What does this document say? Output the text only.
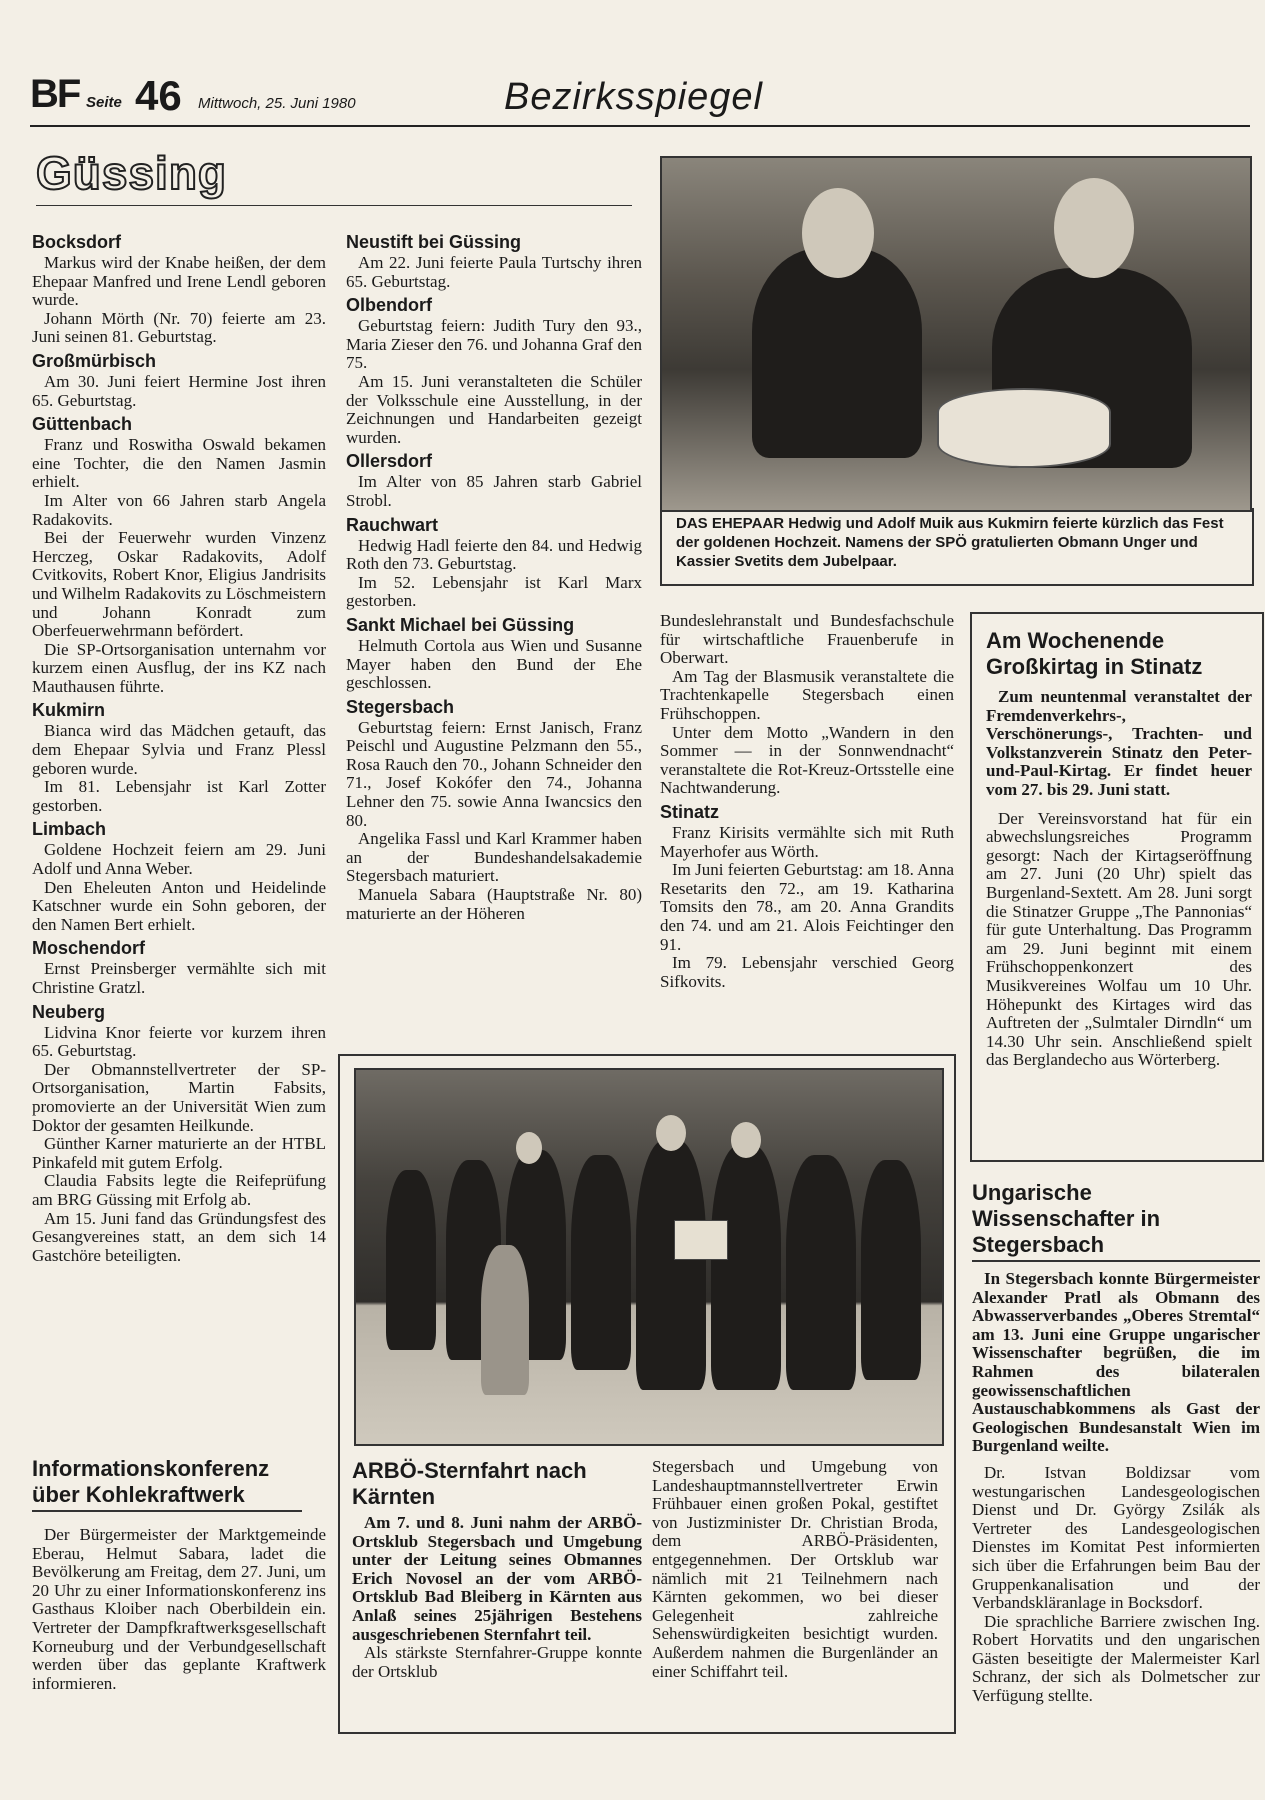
BF Seite 46 Mittwoch, 25. Juni 1980	Bezirksspiegel
Güssing
Bocksdorf

Markus wird der Knabe heißen, der dem Ehepaar Manfred und Irene Lendl geboren wurde.

Johann Mörth (Nr. 70) feierte am 23. Juni seinen 81. Geburtstag.

Großmürbisch

Am 30. Juni feiert Hermine Jost ihren 65. Geburtstag.

Güttenbach

Franz und Roswitha Oswald bekamen eine Tochter, die den Namen Jasmin erhielt.

Im Alter von 66 Jahren starb Angela Radakovits.

Bei der Feuerwehr wurden Vinzenz Herczeg, Oskar Radakovits, Adolf Cvitkovits, Robert Knor, Eligius Jandrisits und Wilhelm Radakovits zu Löschmeistern und Johann Konradt zum Oberfeuerwehrmann befördert.

Die SP-Ortsorganisation unternahm vor kurzem einen Ausflug, der ins KZ nach Mauthausen führte.

Kukmirn

Bianca wird das Mädchen getauft, das dem Ehepaar Sylvia und Franz Plessl geboren wurde.

Im 81. Lebensjahr ist Karl Zotter gestorben.

Limbach

Goldene Hochzeit feiern am 29. Juni Adolf und Anna Weber.

Den Eheleuten Anton und Heidelinde Katschner wurde ein Sohn geboren, der den Namen Bert erhielt.

Moschendorf

Ernst Preinsberger vermählte sich mit Christine Gratzl.

Neuberg

Lidvina Knor feierte vor kurzem ihren 65. Geburtstag.

Der Obmannstellvertreter der SP-Ortsorganisation, Martin Fabsits, promovierte an der Universität Wien zum Doktor der gesamten Heilkunde.

Günther Karner maturierte an der HTBL Pinkafeld mit gutem Erfolg.

Claudia Fabsits legte die Reifeprüfung am BRG Güssing mit Erfolg ab.

Am 15. Juni fand das Gründungsfest des Gesangvereines statt, an dem sich 14 Gastchöre beteiligten.

Neustift bei Güssing

Am 22. Juni feierte Paula Turtschy ihren 65. Geburtstag.

Olbendorf

Geburtstag feiern: Judith Tury den 93., Maria Zieser den 76. und Johanna Graf den 75.

Am 15. Juni veranstalteten die Schüler der Volksschule eine Ausstellung, in der Zeichnungen und Handarbeiten gezeigt wurden.

Ollersdorf

Im Alter von 85 Jahren starb Gabriel Strobl.

Rauchwart

Hedwig Hadl feierte den 84. und Hedwig Roth den 73. Geburtstag.

Im 52. Lebensjahr ist Karl Marx gestorben.

Sankt Michael bei Güssing

Helmuth Cortola aus Wien und Susanne Mayer haben den Bund der Ehe geschlossen.

Stegersbach

Geburtstag feiern: Ernst Janisch, Franz Peischl und Augustine Pelzmann den 55., Rosa Rauch den 70., Johann Schneider den 71., Josef Kokófer den 74., Johanna Lehner den 75. sowie Anna Iwancsics den 80.

Angelika Fassl und Karl Krammer haben an der Bundeshandelsakademie Stegersbach maturiert.

Manuela Sabara (Hauptstraße Nr. 80) maturierte an der Höheren

DAS EHEPAAR Hedwig und Adolf Muik aus Kukmirn feierte kürzlich das Fest der goldenen Hochzeit. Namens der SPÖ gratulierten Obmann Unger und Kassier Svetits dem Jubelpaar.

Bundeslehranstalt und Bundesfachschule für wirtschaftliche Frauenberufe in Oberwart.

Am Tag der Blasmusik veranstaltete die Trachtenkapelle Stegersbach einen Frühschoppen.

Unter dem Motto „Wandern in den Sommer — in der Sonnwendnacht“ veranstaltete die Rot-Kreuz-Ortsstelle eine Nachtwanderung.

Stinatz

Franz Kirisits vermählte sich mit Ruth Mayerhofer aus Wörth.

Im Juni feierten Geburtstag: am 18. Anna Resetarits den 72., am 19. Katharina Tomsits den 78., am 20. Anna Grandits den 74. und am 21. Alois Feichtinger den 91.

Im 79. Lebensjahr verschied Georg Sifkovits.

Am Wochenende Großkirtag in Stinatz

Zum neuntenmal veranstaltet der Fremdenverkehrs-, Verschönerungs-, Trachten- und Volkstanzverein Stinatz den Peter-und-Paul-Kirtag. Er findet heuer vom 27. bis 29. Juni statt.

Der Vereinsvorstand hat für ein abwechslungsreiches Programm gesorgt: Nach der Kirtagseröffnung am 27. Juni (20 Uhr) spielt das Burgenland-Sextett. Am 28. Juni sorgt die Stinatzer Gruppe „The Pannonias“ für gute Unterhaltung. Das Programm am 29. Juni beginnt mit einem Frühschoppenkonzert des Musikvereines Wolfau um 10 Uhr. Höhepunkt des Kirtages wird das Auftreten der „Sulmtaler Dirndln“ um 14.30 Uhr sein. Anschließend spielt das Berglandecho aus Wörterberg.

Ungarische Wissenschafter in Stegersbach

In Stegersbach konnte Bürgermeister Alexander Pratl als Obmann des Abwasserverbandes „Oberes Stremtal“ am 13. Juni eine Gruppe ungarischer Wissenschafter begrüßen, die im Rahmen des bilateralen geowissenschaftlichen Austauschabkommens als Gast der Geologischen Bundesanstalt Wien im Burgenland weilte.

Dr. Istvan Boldizsar vom westungarischen Landesgeologischen Dienst und Dr. György Zsilák als Vertreter des Landesgeologischen Dienstes im Komitat Pest informierten sich über die Erfahrungen beim Bau der Gruppenkanalisation und der Verbandskläranlage in Bocksdorf.

Die sprachliche Barriere zwischen Ing. Robert Horvatits und den ungarischen Gästen beseitigte der Malermeister Karl Schranz, der sich als Dolmetscher zur Verfügung stellte.

ARBÖ-Sternfahrt nach Kärnten

Am 7. und 8. Juni nahm der ARBÖ-Ortsklub Stegersbach und Umgebung unter der Leitung seines Obmannes Erich Novosel an der vom ARBÖ-Ortsklub Bad Bleiberg in Kärnten aus Anlaß seines 25jährigen Bestehens ausgeschriebenen Sternfahrt teil.

Als stärkste Sternfahrer-Gruppe konnte der Ortsklub

Stegersbach und Umgebung von Landeshauptmannstellvertreter Erwin Frühbauer einen großen Pokal, gestiftet von Justizminister Dr. Christian Broda, dem ARBÖ-Präsidenten, entgegennehmen. Der Ortsklub war nämlich mit 21 Teilnehmern nach Kärnten gekommen, wo bei dieser Gelegenheit zahlreiche Sehenswürdigkeiten besichtigt wurden. Außerdem nahmen die Burgenländer an einer Schiffahrt teil.

Informationskonferenz über Kohlekraftwerk

Der Bürgermeister der Marktgemeinde Eberau, Helmut Sabara, ladet die Bevölkerung am Freitag, dem 27. Juni, um 20 Uhr zu einer Informationskonferenz ins Gasthaus Kloiber nach Oberbildein ein. Vertreter der Dampfkraftwerksgesellschaft Korneuburg und der Verbundgesellschaft werden über das geplante Kraftwerk informieren.
